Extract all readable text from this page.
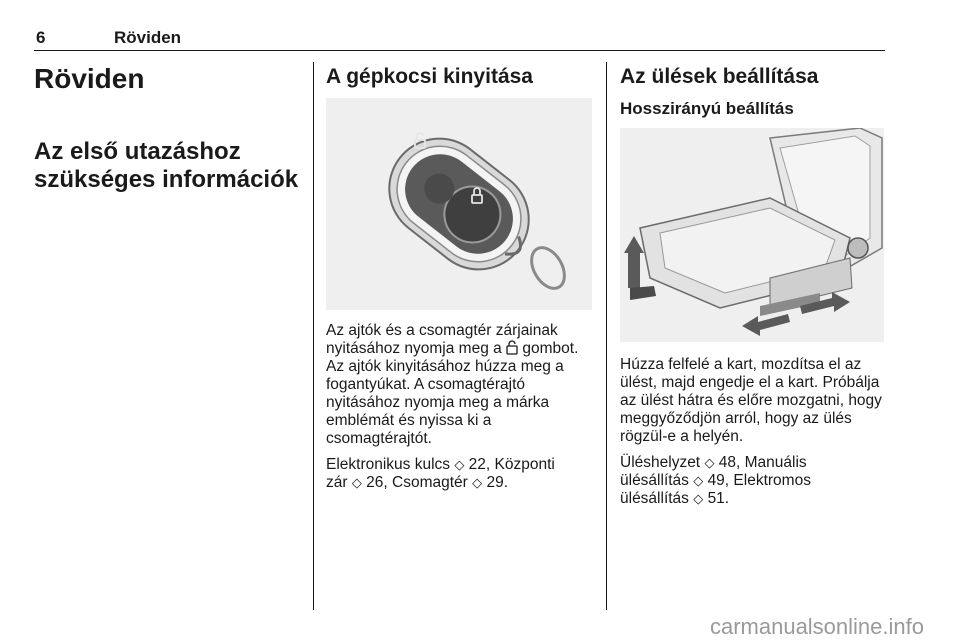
6	Röviden
Röviden
Az első utazáshoz
szükséges információk
A gépkocsi kinyitása

Az ajtók és a csomagtér zárjainak
nyitásához nyomja meg a gombot.
Az ajtók kinyitásához húzza meg a
fogantyúkat. A csomagtérajtó
nyitásához nyomja meg a márka
emblémát és nyissa ki a
csomagtérajtót.

Elektronikus kulcs ◇ 22, Központi
zár ◇ 26, Csomagtér ◇ 29.

Az ülések beállítása
Hosszirányú beállítás

Húzza felfelé a kart, mozdítsa el az
ülést, majd engedje el a kart. Próbálja
az ülést hátra és előre mozgatni, hogy
meggyőződjön arról, hogy az ülés
rögzül-e a helyén.

Üléshelyzet ◇ 48, Manuális
ülésállítás ◇ 49, Elektromos
ülésállítás ◇ 51.

carmanualsonline.info
